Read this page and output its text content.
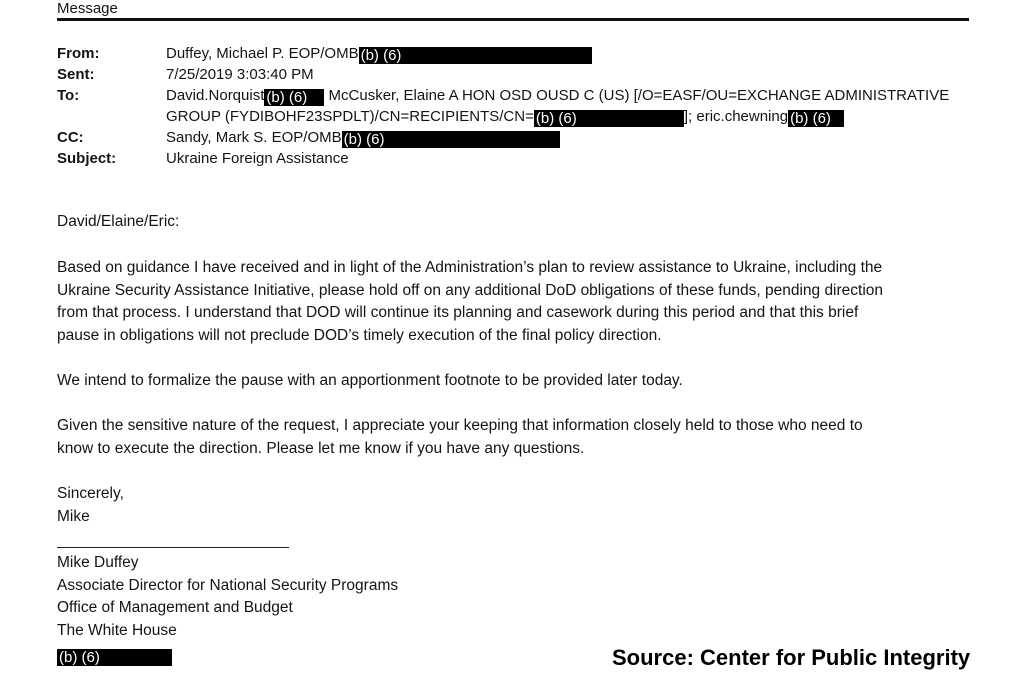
Message
From:	Duffey, Michael P. EOP/OMB (b) (6)
Sent:	7/25/2019 3:03:40 PM
To:	David.Norquist (b) (6) McCusker, Elaine A HON OSD OUSD C (US) [/O=EASF/OU=EXCHANGE ADMINISTRATIVE
GROUP (FYDIBOHF23SPDLT)/CN=RECIPIENTS/CN= (b) (6)	]; eric.chewning (b) (6)
CC:	Sandy, Mark S. EOP/OMB (b) (6)
Subject:	Ukraine Foreign Assistance
David/Elaine/Eric:
Based on guidance I have received and in light of the Administration’s plan to review assistance to Ukraine, including the
Ukraine Security Assistance Initiative, please hold off on any additional DoD obligations of these funds, pending direction
from that process. I understand that DOD will continue its planning and casework during this period and that this brief
pause in obligations will not preclude DOD’s timely execution of the final policy direction.
We intend to formalize the pause with an apportionment footnote to be provided later today.
Given the sensitive nature of the request, I appreciate your keeping that information closely held to those who need to
know to execute the direction. Please let me know if you have any questions.
Sincerely,
Mike
Mike Duffey
Associate Director for National Security Programs
Office of Management and Budget
The White House
(b) (6)	Source: Center for Public Integrity
